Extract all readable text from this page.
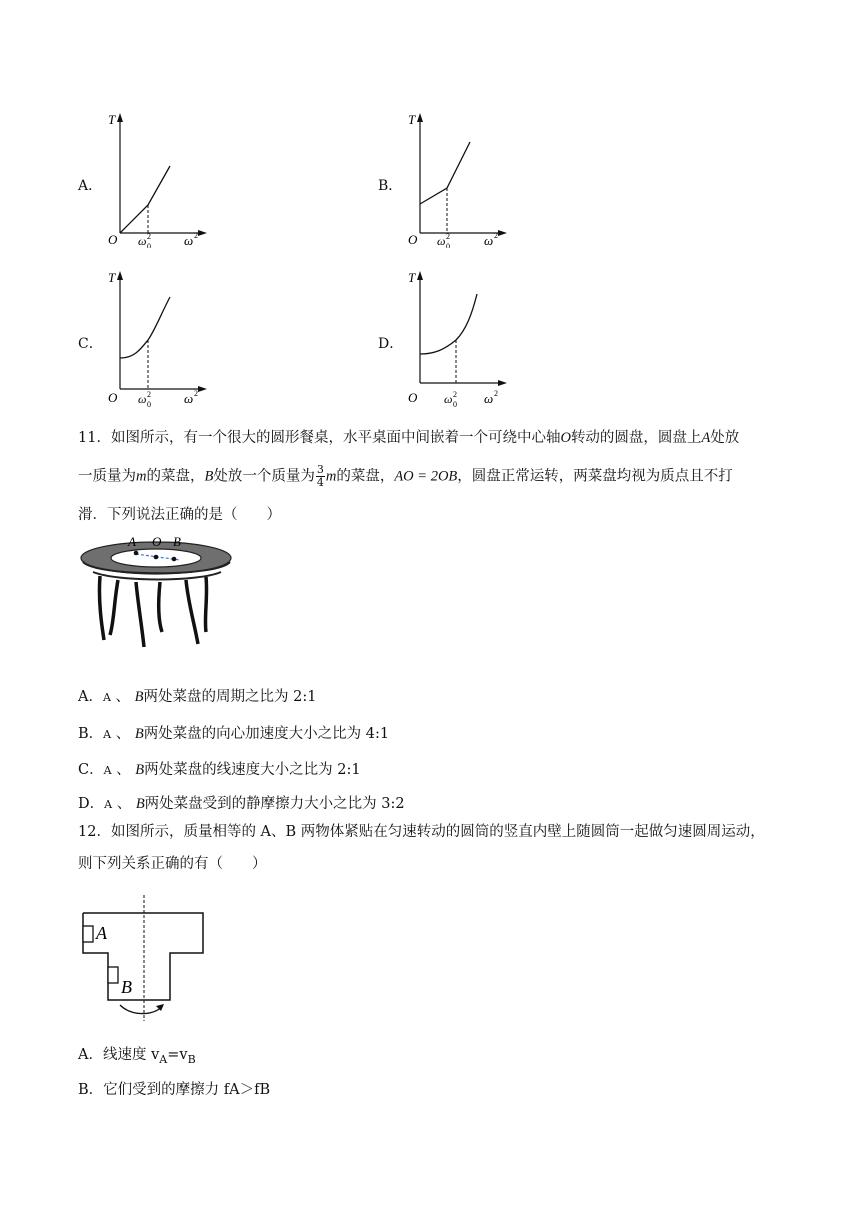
A．
T
O ω 2
0	ω 2
B．
T
O ω 2
0	ω 2
C．
T
O ω 2
0	ω 2
D．
T
O ω 2
0 ω 2
11．如图所示，有一个很大的圆形餐桌，水平桌面中间嵌着一个可绕中心轴O转动的圆盘，圆盘上A处放
一质量为m的菜盘，B处放一个质量为 $\frac{3}{4}$ m的菜盘，AO = 2OB，圆盘正常运转，两菜盘均视为质点且不打
滑．下列说法正确的是（　　）
A O B
A．A 、 B两处菜盘的周期之比为 2:1
B．A 、 B两处菜盘的向心加速度大小之比为 4:1
C．A 、 B两处菜盘的线速度大小之比为 2:1
D．A 、 B两处菜盘受到的静摩擦力大小之比为 3:2
12．如图所示，质量相等的 A、B 两物体紧贴在匀速转动的圆筒的竖直内壁上随圆筒一起做匀速圆周运动，
则下列关系正确的有（　　）
A
B
A．线速度 $v_A=v_B$
B．它们受到的摩擦力 fA＞fB
